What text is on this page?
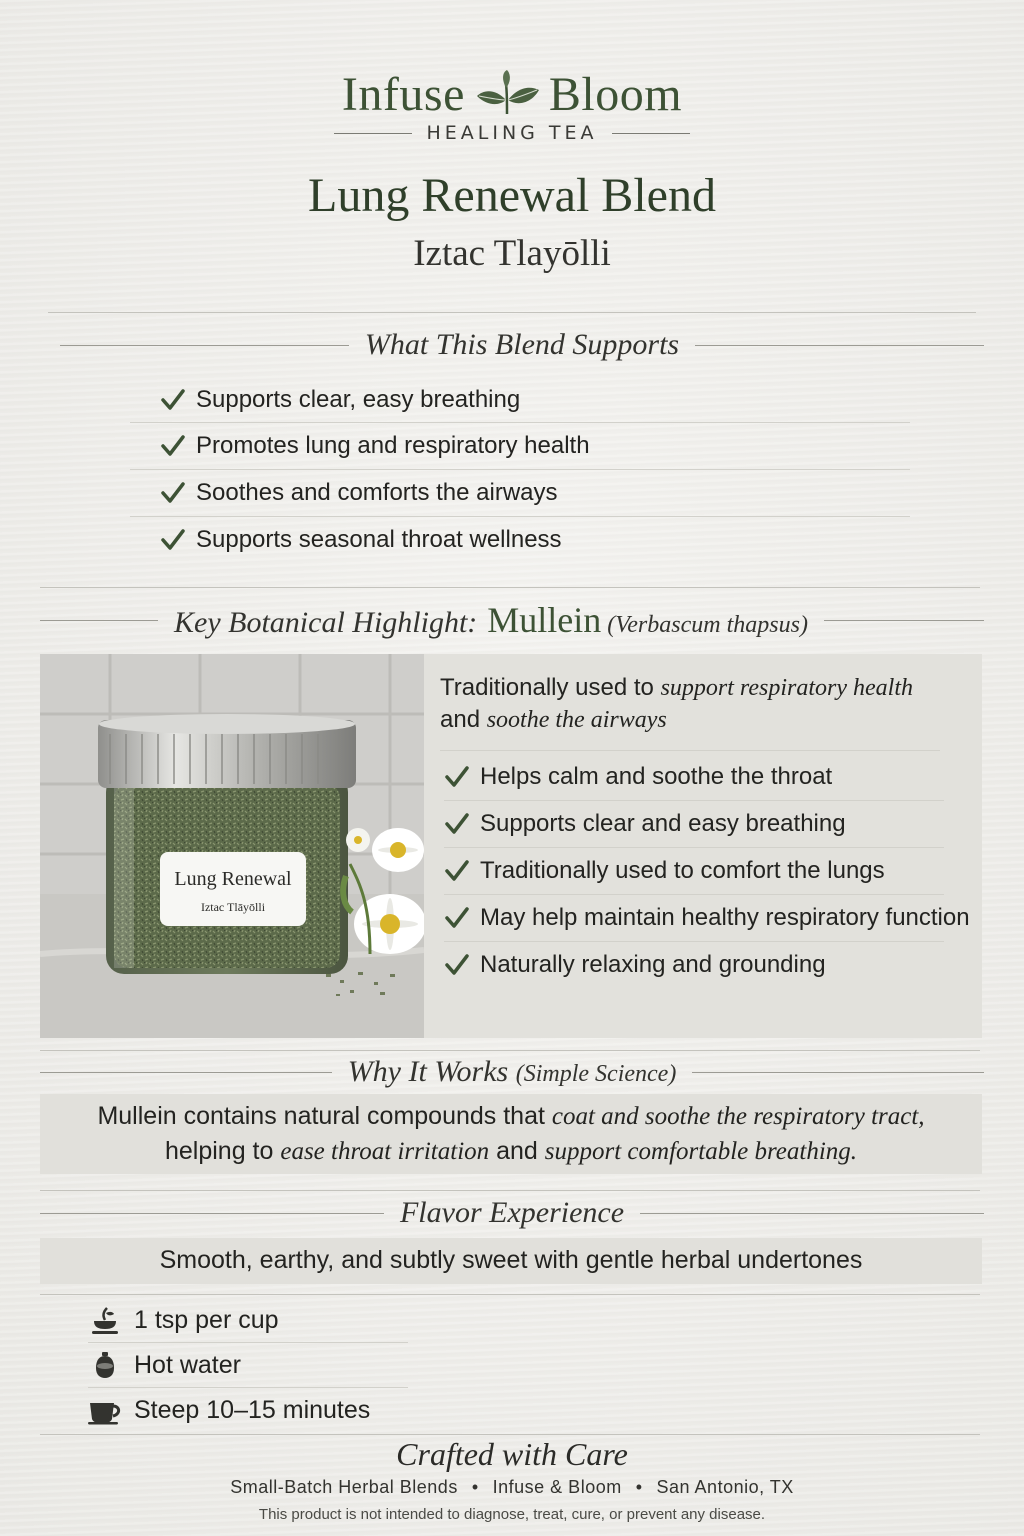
Infuse Bloom
HEALING TEA
Lung Renewal Blend
Iztac Tlayōlli
What This Blend Supports
Supports clear, easy breathing
Promotes lung and respiratory health
Soothes and comforts the airways
Supports seasonal throat wellness
Key Botanical Highlight: Mullein (Verbascum thapsus)
Lung Renewal
Iztac Tlāyōlli
Traditionally used to support respiratory health
and soothe the airways
Helps calm and soothe the throat
Supports clear and easy breathing
Traditionally used to comfort the lungs
May help maintain healthy respiratory function
Naturally relaxing and grounding
Why It Works (Simple Science)
Mullein contains natural compounds that coat and soothe the respiratory tract,
helping to ease throat irritation and support comfortable breathing.
Flavor Experience
Smooth, earthy, and subtly sweet with gentle herbal undertones
1 tsp per cup
Hot water
Steep 10–15 minutes
Crafted with Care
Small-Batch Herbal Blends • Infuse & Bloom • San Antonio, TX
This product is not intended to diagnose, treat, cure, or prevent any disease.
